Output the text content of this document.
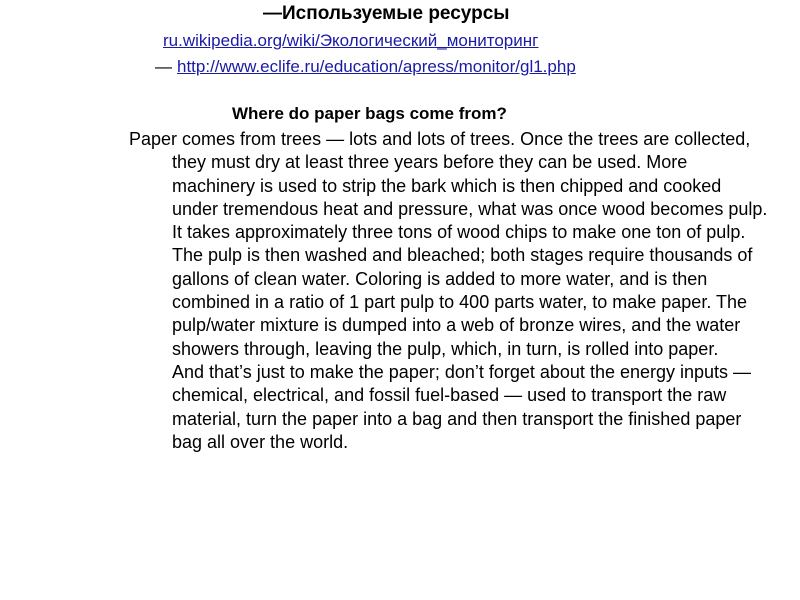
—Используемые ресурсы
ru.wikipedia.org/wiki/Экологический_мониторинг
— http://www.eclife.ru/education/apress/monitor/gl1.php
Where do paper bags come from?

Paper comes from trees — lots and lots of trees. Once the trees are collected, they must dry at least three years before they can be used. More machinery is used to strip the bark which is then chipped and cooked under tremendous heat and pressure, what was once wood becomes pulp. It takes approximately three tons of wood chips to make one ton of pulp. The pulp is then washed and bleached; both stages require thousands of gallons of clean water. Coloring is added to more water, and is then combined in a ratio of 1 part pulp to 400 parts water, to make paper. The pulp/water mixture is dumped into a web of bronze wires, and the water showers through, leaving the pulp, which, in turn, is rolled into paper.

And that’s just to make the paper; don’t forget about the energy inputs — chemical, electrical, and fossil fuel-based — used to transport the raw material, turn the paper into a bag and then transport the finished paper bag all over the world.
